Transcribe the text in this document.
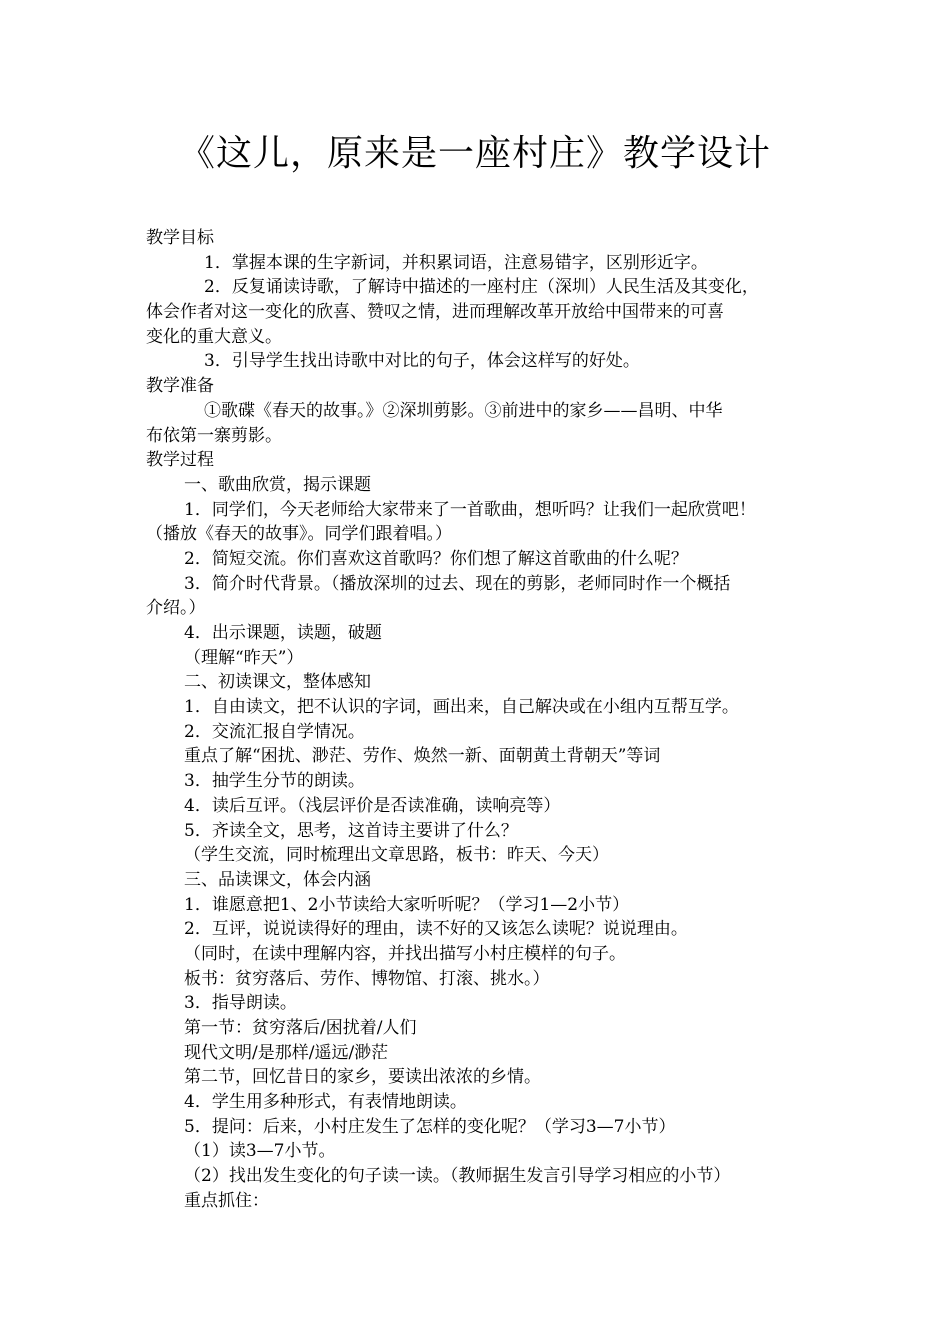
《这儿，原来是一座村庄》教学设计
教学目标
1．掌握本课的生字新词，并积累词语，注意易错字，区别形近字。
2．反复诵读诗歌，了解诗中描述的一座村庄（深圳）人民生活及其变化，
体会作者对这一变化的欣喜、赞叹之情，进而理解改革开放给中国带来的可喜
变化的重大意义。
3．引导学生找出诗歌中对比的句子，体会这样写的好处。
教学准备
①歌碟《春天的故事。》②深圳剪影。③前进中的家乡——昌明、中华
布依第一寨剪影。
教学过程
一、歌曲欣赏，揭示课题
1．同学们，今天老师给大家带来了一首歌曲，想听吗？让我们一起欣赏吧！
（播放《春天的故事》。同学们跟着唱。）
2．简短交流。你们喜欢这首歌吗？你们想了解这首歌曲的什么呢？
3．简介时代背景。（播放深圳的过去、现在的剪影，老师同时作一个概括
介绍。）
4．出示课题，读题，破题
（理解“昨天”）
二、初读课文，整体感知
1．自由读文，把不认识的字词，画出来，自己解决或在小组内互帮互学。
2．交流汇报自学情况。
重点了解“困扰、渺茫、劳作、焕然一新、面朝黄土背朝天”等词
3．抽学生分节的朗读。
4．读后互评。（浅层评价是否读准确，读响亮等）
5．齐读全文，思考，这首诗主要讲了什么？
（学生交流，同时梳理出文章思路，板书：昨天、今天）
三、品读课文，体会内涵
1．谁愿意把1、2小节读给大家听听呢？（学习1—2小节）
2．互评，说说读得好的理由，读不好的又该怎么读呢？说说理由。
（同时，在读中理解内容，并找出描写小村庄模样的句子。
板书：贫穷落后、劳作、博物馆、打滚、挑水。）
3．指导朗读。
第一节：贫穷落后/困扰着/人们
现代文明/是那样/遥远/渺茫
第二节，回忆昔日的家乡，要读出浓浓的乡情。
4．学生用多种形式，有表情地朗读。
5．提问：后来，小村庄发生了怎样的变化呢？（学习3—7小节）
（1）读3—7小节。
（2）找出发生变化的句子读一读。（教师据生发言引导学习相应的小节）
重点抓住：
